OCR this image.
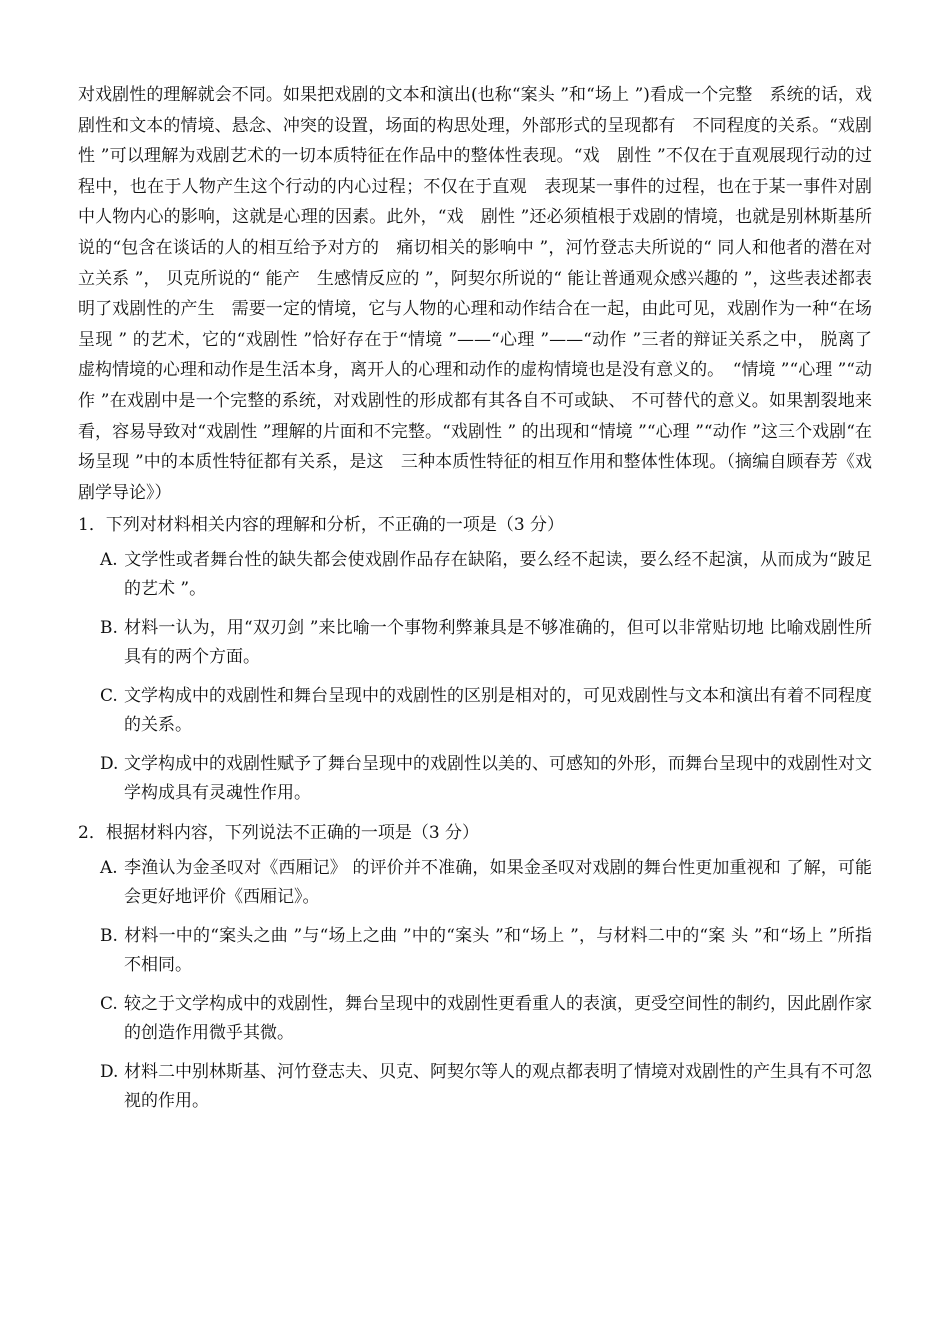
对戏剧性的理解就会不同。如果把戏剧的文本和演出(也称“案头 ”和“场上 ”)看成一个完整　系统的话，戏剧性和文本的情境、悬念、冲突的设置，场面的构思处理，外部形式的呈现都有　不同程度的关系。“戏剧性 ”可以理解为戏剧艺术的一切本质特征在作品中的整体性表现。“戏　剧性 ”不仅在于直观展现行动的过程中，也在于人物产生这个行动的内心过程；不仅在于直观　表现某一事件的过程，也在于某一事件对剧中人物内心的影响，这就是心理的因素。此外，“戏　剧性 ”还必须植根于戏剧的情境，也就是别林斯基所说的“包含在谈话的人的相互给予对方的　痛切相关的影响中 ”，河竹登志夫所说的“ 同人和他者的潜在对立关系 ”， 贝克所说的“ 能产　生感情反应的 ”，阿契尔所说的“ 能让普通观众感兴趣的 ”，这些表述都表明了戏剧性的产生　需要一定的情境，它与人物的心理和动作结合在一起，由此可见，戏剧作为一种“在场呈现 ” 的艺术，它的“戏剧性 ”恰好存在于“情境 ”——“心理 ”——“动作 ”三者的辩证关系之中， 脱离了虚构情境的心理和动作是生活本身，离开人的心理和动作的虚构情境也是没有意义的。　“情境 ”“心理 ”“动作 ”在戏剧中是一个完整的系统，对戏剧性的形成都有其各自不可或缺、 不可替代的意义。如果割裂地来看，容易导致对“戏剧性 ”理解的片面和不完整。“戏剧性 ” 的出现和“情境 ”“心理 ”“动作 ”这三个戏剧“在场呈现 ”中的本质性特征都有关系，是这　三种本质性特征的相互作用和整体性体现。（摘编自顾春芳《戏剧学导论》）

1．下列对材料相关内容的理解和分析，不正确的一项是（3 分）
A. 文学性或者舞台性的缺失都会使戏剧作品存在缺陷，要么经不起读，要么经不起演，从而成为“跛足的艺术 ”。
B. 材料一认为，用“双刃剑 ”来比喻一个事物利弊兼具是不够准确的，但可以非常贴切地 比喻戏剧性所具有的两个方面。
C. 文学构成中的戏剧性和舞台呈现中的戏剧性的区别是相对的，可见戏剧性与文本和演出有着不同程度的关系。
D. 文学构成中的戏剧性赋予了舞台呈现中的戏剧性以美的、可感知的外形，而舞台呈现中的戏剧性对文学构成具有灵魂性作用。
2．根据材料内容，下列说法不正确的一项是（3 分）
A. 李渔认为金圣叹对《西厢记》 的评价并不准确，如果金圣叹对戏剧的舞台性更加重视和 了解，可能会更好地评价《西厢记》。
B. 材料一中的“案头之曲 ”与“场上之曲 ”中的“案头 ”和“场上 ”，与材料二中的“案 头 ”和“场上 ”所指不相同。
C. 较之于文学构成中的戏剧性，舞台呈现中的戏剧性更看重人的表演，更受空间性的制约，因此剧作家的创造作用微乎其微。
D. 材料二中别林斯基、河竹登志夫、贝克、阿契尔等人的观点都表明了情境对戏剧性的产生具有不可忽视的作用。
